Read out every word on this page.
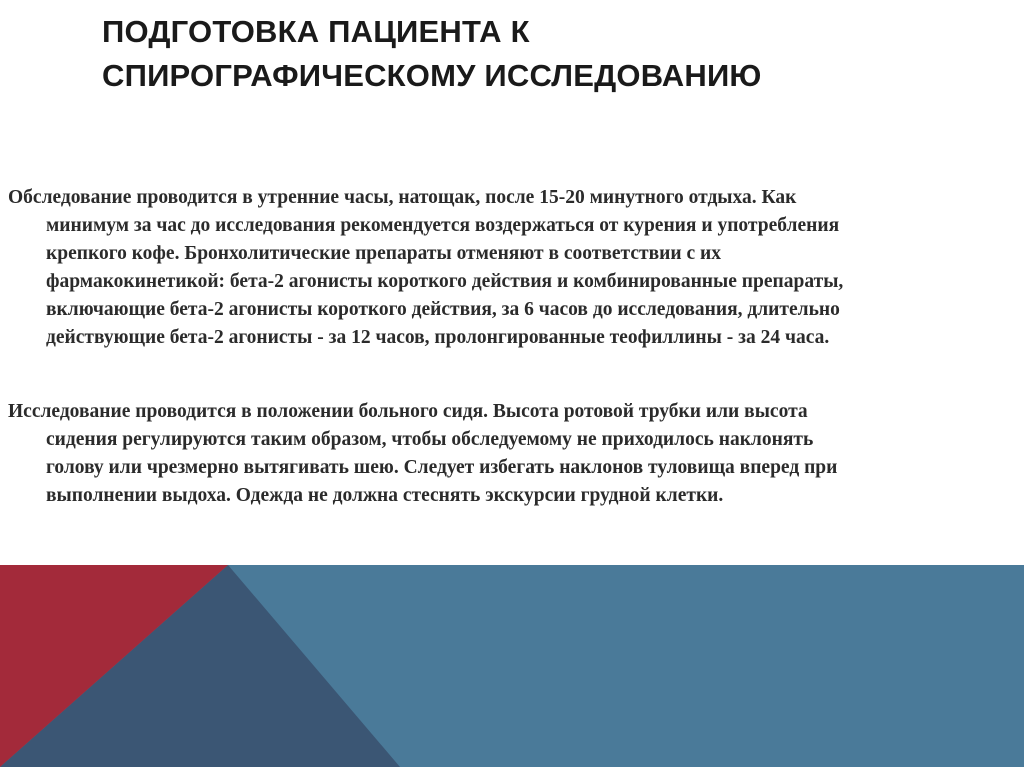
ПОДГОТОВКА ПАЦИЕНТА К
СПИРОГРАФИЧЕСКОМУ ИССЛЕДОВАНИЮ
Обследование проводится в утренние часы, натощак, после 15-20 минутного отдыха. Как
минимум за час до исследования рекомендуется воздержаться от курения и употребления
крепкого кофе. Бронхолитические препараты отменяют в соответствии с их
фармакокинетикой: бета-2 агонисты короткого действия и комбинированные препараты,
включающие бета-2 агонисты короткого действия, за 6 часов до исследования, длительно
действующие бета-2 агонисты - за 12 часов, пролонгированные теофиллины - за 24 часа.
Исследование проводится в положении больного сидя. Высота ротовой трубки или высота
сидения регулируются таким образом, чтобы обследуемому не приходилось наклонять
голову или чрезмерно вытягивать шею. Следует избегать наклонов туловища вперед при
выполнении выдоха. Одежда не должна стеснять экскурсии грудной клетки.
